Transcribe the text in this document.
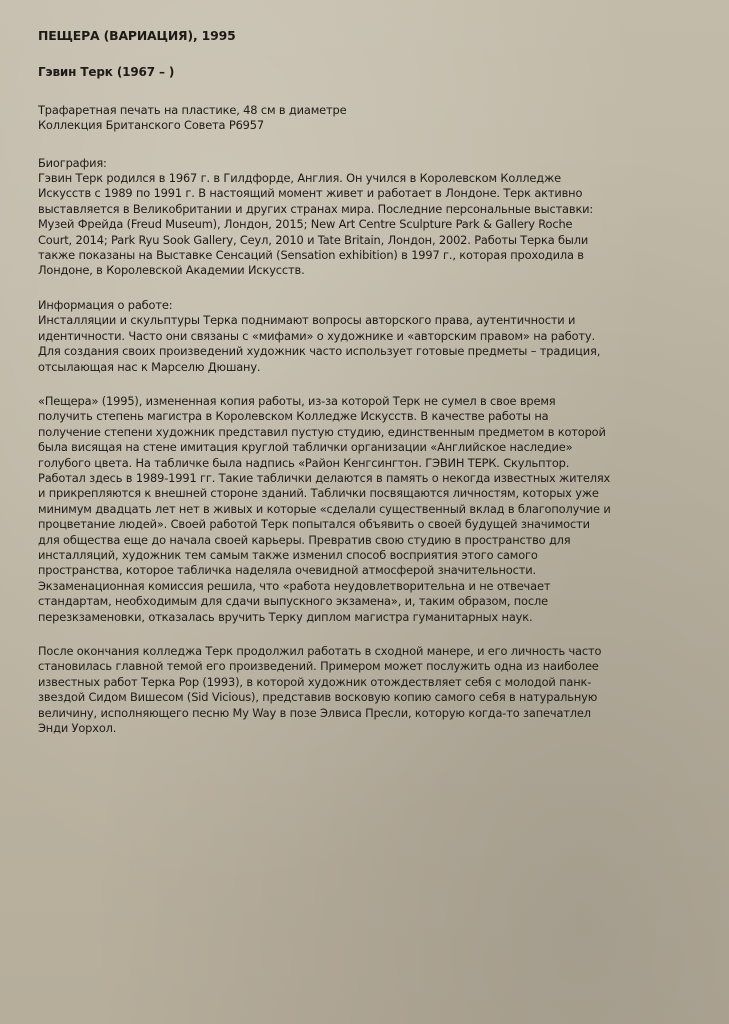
ПЕЩЕРА (ВАРИАЦИЯ), 1995
Гэвин Терк (1967 – )
Трафаретная печать на пластике, 48 см в диаметре
Коллекция Британского Совета P6957
Биография:
Гэвин Терк родился в 1967 г. в Гилдфорде, Англия. Он учился в Королевском Колледже
Искусств с 1989 по 1991 г. В настоящий момент живет и работает в Лондоне. Терк активно
выставляется в Великобритании и других странах мира. Последние персональные выставки:
Музей Фрейда (Freud Museum), Лондон, 2015; New Art Centre Sculpture Park & Gallery Roche
Court, 2014; Park Ryu Sook Gallery, Сеул, 2010 и Tate Britain, Лондон, 2002. Работы Терка были
также показаны на Выставке Сенсаций (Sensation exhibition) в 1997 г., которая проходила в
Лондоне, в Королевской Академии Искусств.
Информация о работе:
Инсталляции и скульптуры Терка поднимают вопросы авторского права, аутентичности и
идентичности. Часто они связаны с «мифами» о художнике и «авторским правом» на работу.
Для создания своих произведений художник часто использует готовые предметы – традиция,
отсылающая нас к Марселю Дюшану.
«Пещера» (1995), измененная копия работы, из-за которой Терк не сумел в свое время
получить степень магистра в Королевском Колледже Искусств. В качестве работы на
получение степени художник представил пустую студию, единственным предметом в которой
была висящая на стене имитация круглой таблички организации «Английское наследие»
голубого цвета. На табличке была надпись «Район Кенгсингтон. ГЭВИН ТЕРК. Скульптор.
Работал здесь в 1989-1991 гг. Такие таблички делаются в память о некогда известных жителях
и прикрепляются к внешней стороне зданий. Таблички посвящаются личностям, которых уже
минимум двадцать лет нет в живых и которые «сделали существенный вклад в благополучие и
процветание людей». Своей работой Терк попытался объявить о своей будущей значимости
для общества еще до начала своей карьеры. Превратив свою студию в пространство для
инсталляций, художник тем самым также изменил способ восприятия этого самого
пространства, которое табличка наделяла очевидной атмосферой значительности.
Экзаменационная комиссия решила, что «работа неудовлетворительна и не отвечает
стандартам, необходимым для сдачи выпускного экзамена», и, таким образом, после
перезкзаменовки, отказалась вручить Терку диплом магистра гуманитарных наук.
После окончания колледжа Терк продолжил работать в сходной манере, и его личность часто
становилась главной темой его произведений. Примером может послужить одна из наиболее
известных работ Терка Pop (1993), в которой художник отождествляет себя с молодой панк-
звездой Сидом Вишесом (Sid Vicious), представив восковую копию самого себя в натуральную
величину, исполняющего песню My Way в позе Элвиса Пресли, которую когда-то запечатлел
Энди Уорхол.
